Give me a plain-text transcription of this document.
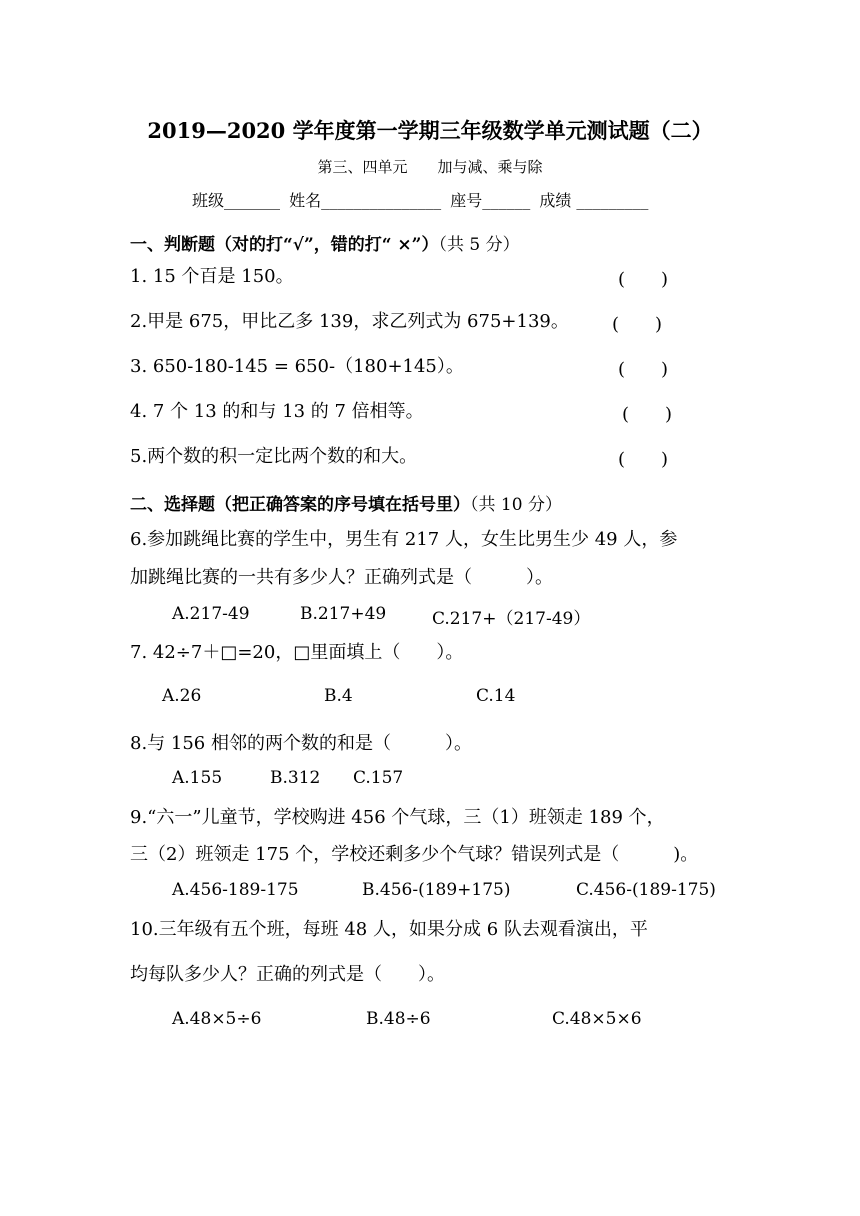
2019—2020 学年度第一学期三年级数学单元测试题（二）
第三、四单元　　加与减、乘与除
班级_______ 姓名_______________ 座号______ 成绩 _________
一、判断题（对的打“√”，错的打“ ×”）（共 5 分）
1. 15 个百是 150。	(　　)
2.甲是 675，甲比乙多 139，求乙列式为 675+139。 (　　)
3. 650-180-145 = 650-（180+145）。	(　　)
4. 7 个 13 的和与 13 的 7 倍相等。	(　　)
5.两个数的积一定比两个数的和大。	(　　)
二、选择题（把正确答案的序号填在括号里）（共 10 分）
6.参加跳绳比赛的学生中，男生有 217 人，女生比男生少 49 人，参
加跳绳比赛的一共有多少人？正确列式是（　　　）。
A.217-49	B.217+49	C.217+（217-49）
7. 42÷7＋□=20，□里面填上（　　）。
A.26	B.4	C.14
8.与 156 相邻的两个数的和是（　　　）。
A.155	B.312 C.157
9.“六一”儿童节，学校购进 456 个气球，三（1）班领走 189 个，
三（2）班领走 175 个，学校还剩多少个气球？错误列式是（　　　)。
A.456-189-175	B.456-(189+175)	C.456-(189-175)
10.三年级有五个班，每班 48 人，如果分成 6 队去观看演出，平
均每队多少人？正确的列式是（　　）。
A.48×5÷6	B.48÷6	C.48×5×6
